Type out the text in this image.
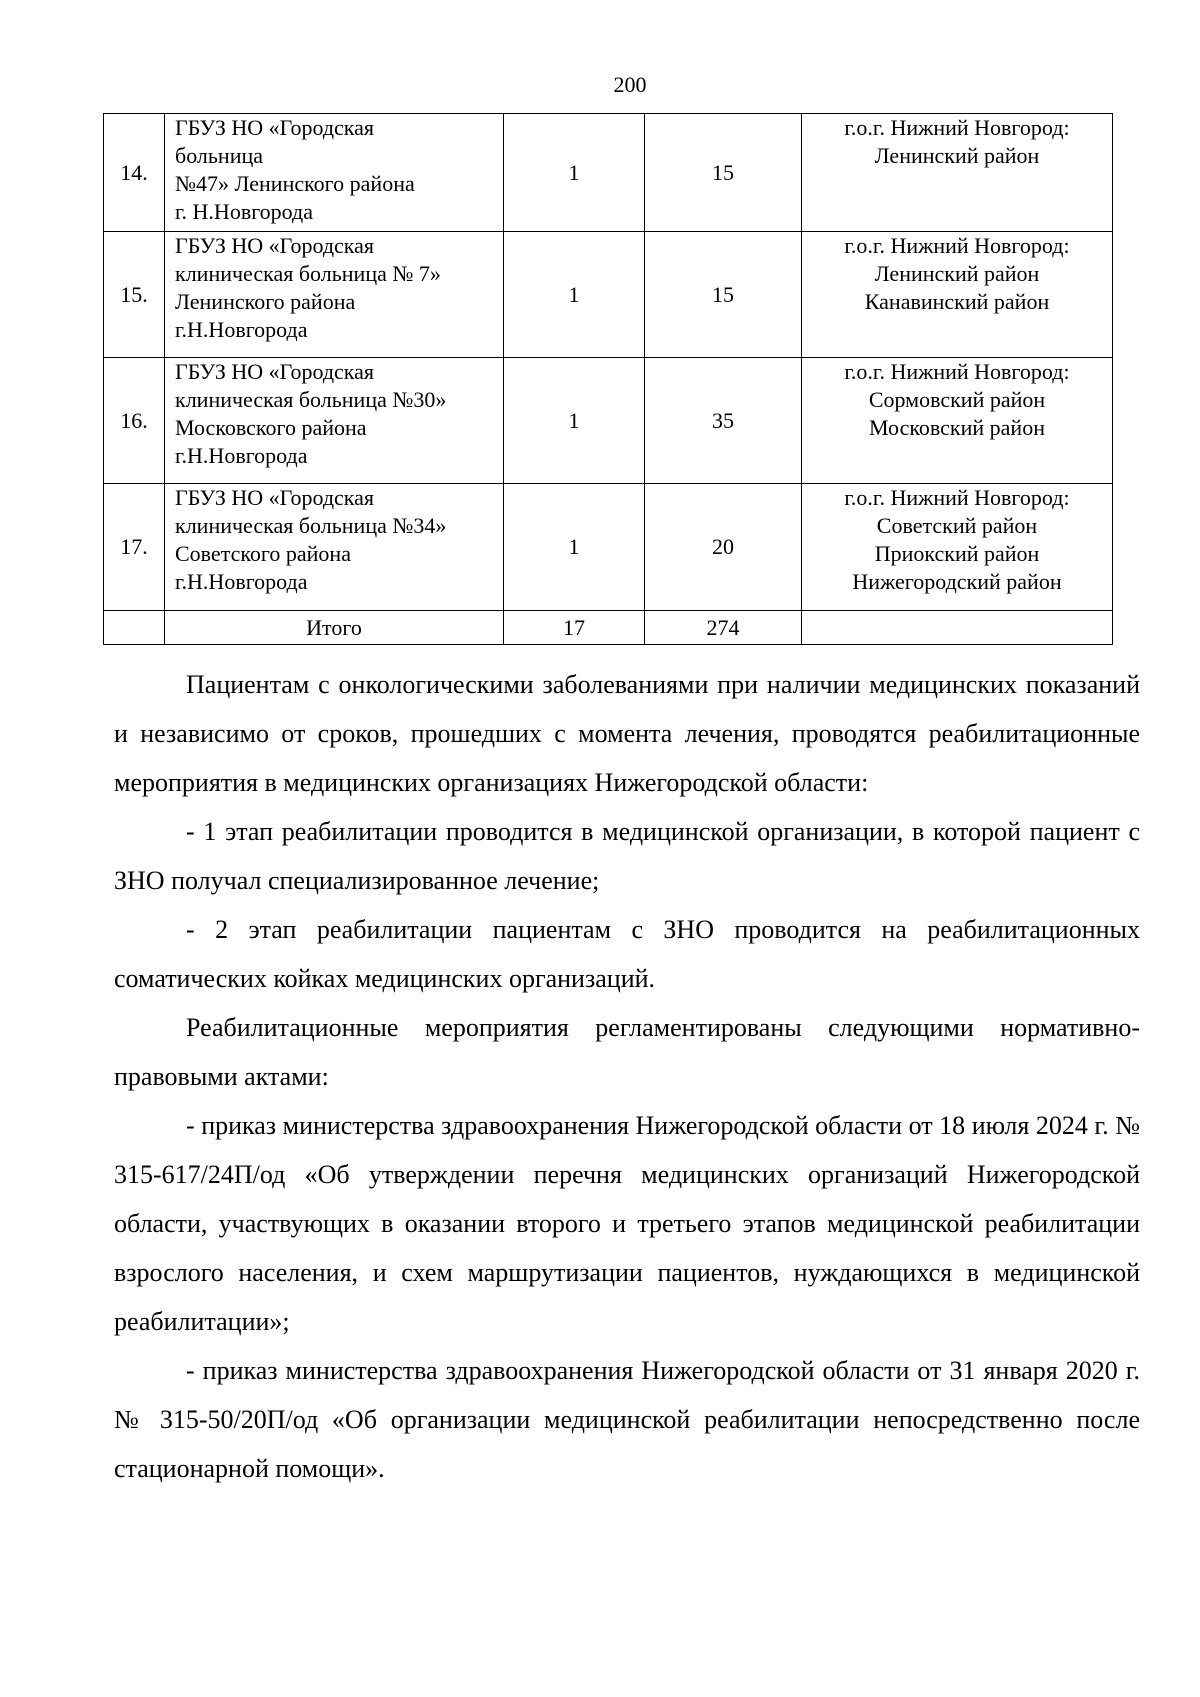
200
14.	ГБУЗ НО «Городская
больница
№47» Ленинского района
г. Н.Новгорода	1	15	г.о.г. Нижний Новгород:
Ленинский район

15.	ГБУЗ НО «Городская
клиническая больница № 7»
Ленинского района
г.Н.Новгорода	1	15	г.о.г. Нижний Новгород:
Ленинский район
Канавинский район

16.	ГБУЗ НО «Городская
клиническая больница №30»
Московского района
г.Н.Новгорода	1	35	г.о.г. Нижний Новгород:
Сормовский район
Московский район

17.	ГБУЗ НО «Городская
клиническая больница №34»
Советского района
г.Н.Новгорода	1	20	г.о.г. Нижний Новгород:
Советский район
Приокский район
Нижегородский район

	Итого	17	274	

Пациентам с онкологическими заболеваниями при наличии медицинских показаний и независимо от сроков, прошедших с момента лечения, проводятся реабилитационные мероприятия в медицинских организациях Нижегородской области:

- 1 этап реабилитации проводится в медицинской организации, в которой пациент с ЗНО получал специализированное лечение;

- 2 этап реабилитации пациентам с ЗНО проводится на реабилитационных соматических койках медицинских организаций.

Реабилитационные мероприятия регламентированы следующими нормативно-правовыми актами:

- приказ министерства здравоохранения Нижегородской области от 18 июля 2024 г. № 315-617/24П/од «Об утверждении перечня медицинских организаций Нижегородской области, участвующих в оказании второго и третьего этапов медицинской реабилитации взрослого населения, и схем маршрутизации пациентов, нуждающихся в медицинской реабилитации»;

- приказ министерства здравоохранения Нижегородской области от 31 января 2020 г. № 315-50/20П/од «Об организации медицинской реабилитации непосредственно после стационарной помощи».
